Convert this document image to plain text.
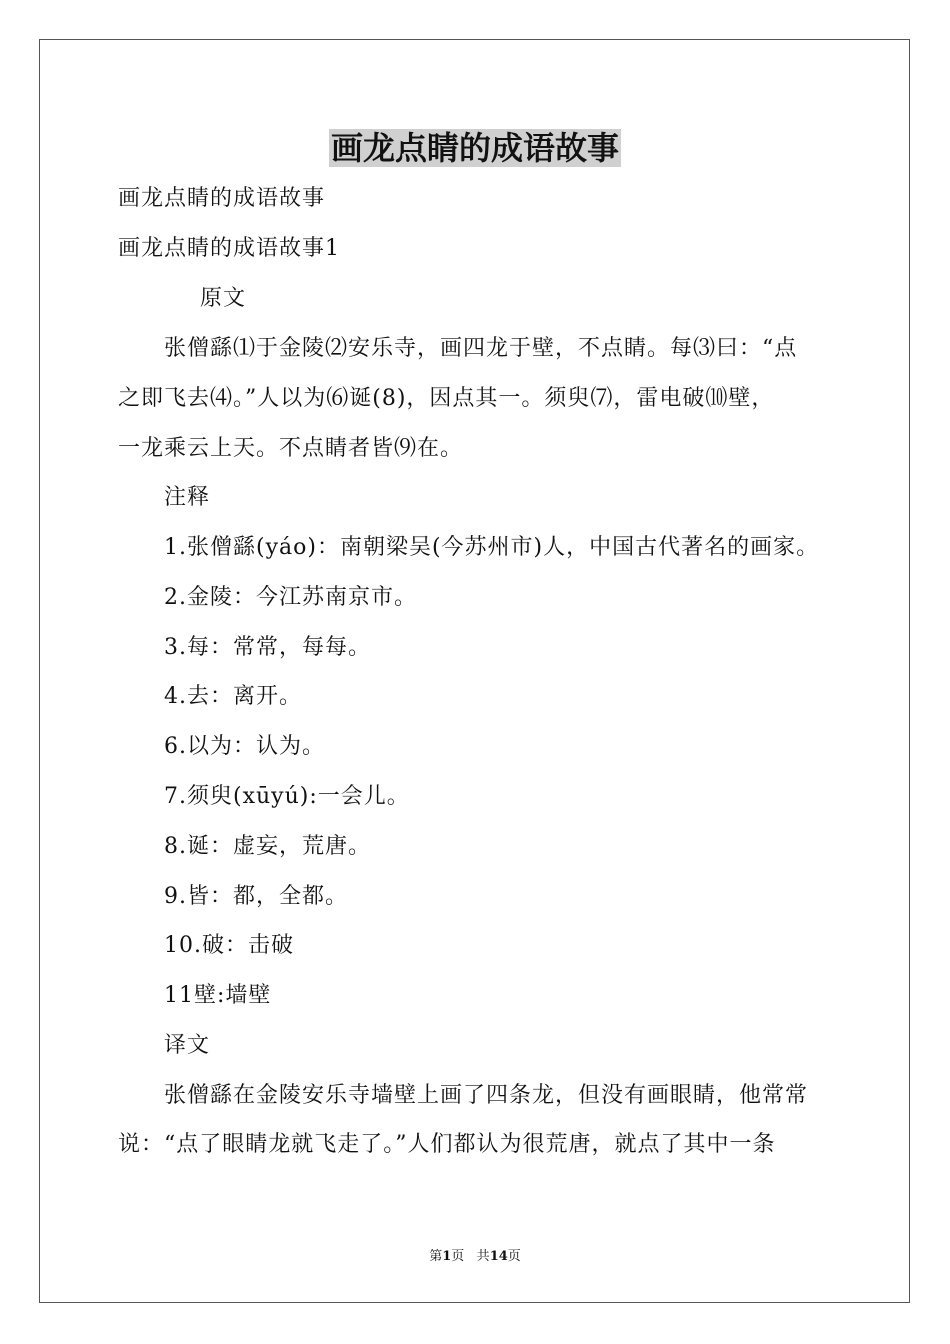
画龙点睛的成语故事

画龙点睛的成语故事

画龙点睛的成语故事1

原文

张僧繇⑴于金陵⑵安乐寺，画四龙于壁，不点睛。每⑶曰：“点

之即飞去⑷。”人以为⑹诞(8)，因点其一。须臾⑺，雷电破⑽壁，

一龙乘云上天。不点睛者皆⑼在。

注释

1.张僧繇(yáo)：南朝梁吴(今苏州市)人，中国古代著名的画家。

2.金陵：今江苏南京市。

3.每：常常，每每。

4.去：离开。

6.以为：认为。

7.须臾(xūyú):一会儿。

8.诞：虚妄，荒唐。

9.皆：都，全都。

10.破：击破

11壁:墙壁

译文

张僧繇在金陵安乐寺墙壁上画了四条龙，但没有画眼睛，他常常

说：“点了眼睛龙就飞走了。”人们都认为很荒唐，就点了其中一条

第1页 共14页
